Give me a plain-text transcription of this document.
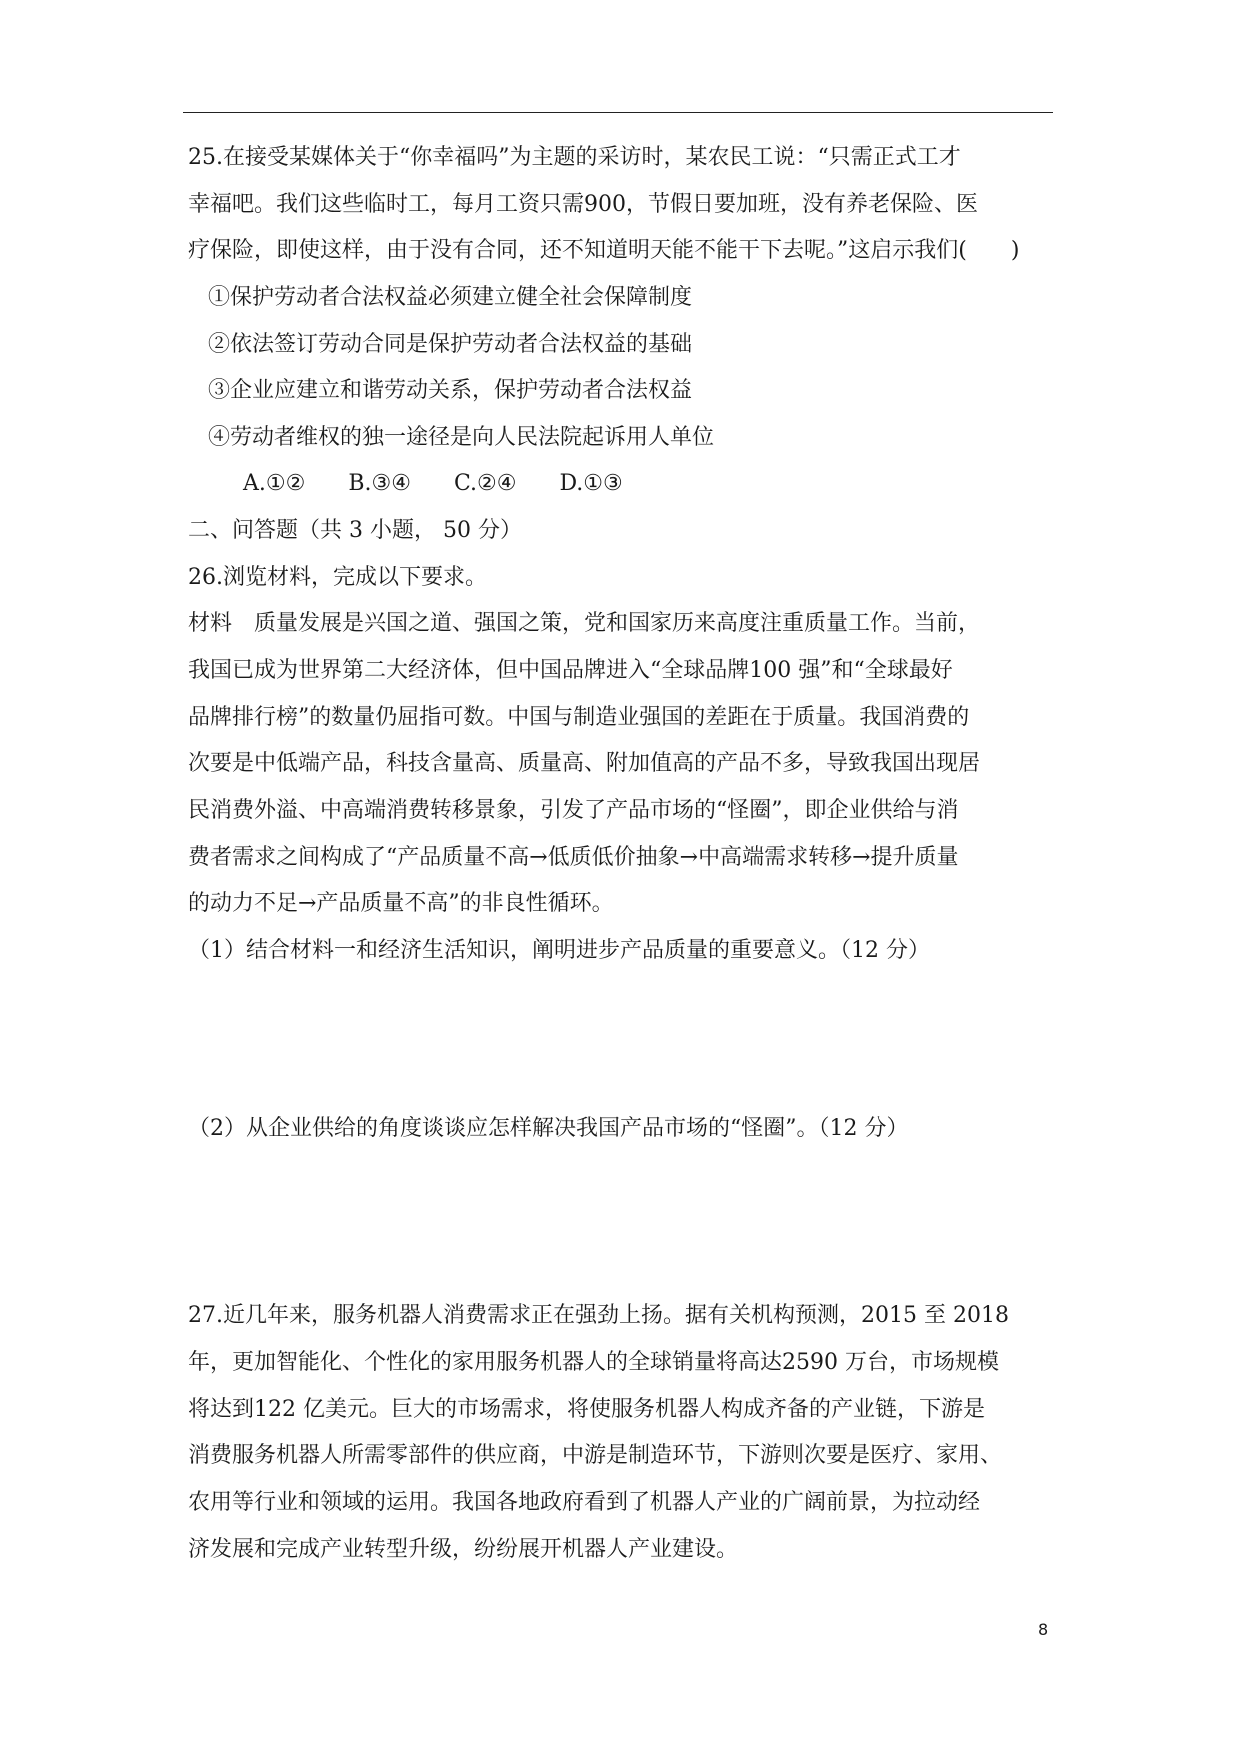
25.在接受某媒体关于“你幸福吗”为主题的采访时，某农民工说：“只需正式工才
幸福吧。我们这些临时工，每月工资只需900，节假日要加班，没有养老保险、医
疗保险，即使这样，由于没有合同，还不知道明天能不能干下去呢。”这启示我们(　　)
①保护劳动者合法权益必须建立健全社会保障制度
②依法签订劳动合同是保护劳动者合法权益的基础
③企业应建立和谐劳动关系，保护劳动者合法权益
④劳动者维权的独一途径是向人民法院起诉用人单位
A.①② B.③④ C.②④ D.①③
二、问答题（共 3 小题， 50 分）
26.浏览材料，完成以下要求。
材料　质量发展是兴国之道、强国之策，党和国家历来高度注重质量工作。当前，
我国已成为世界第二大经济体，但中国品牌进入“全球品牌100 强”和“全球最好
品牌排行榜”的数量仍屈指可数。中国与制造业强国的差距在于质量。我国消费的
次要是中低端产品，科技含量高、质量高、附加值高的产品不多，导致我国出现居
民消费外溢、中高端消费转移景象，引发了产品市场的“怪圈”，即企业供给与消
费者需求之间构成了“产品质量不高→低质低价抽象→中高端需求转移→提升质量
的动力不足→产品质量不高”的非良性循环。
（1）结合材料一和经济生活知识，阐明进步产品质量的重要意义。（12 分）
（2）从企业供给的角度谈谈应怎样解决我国产品市场的“怪圈”。（12 分）
27.近几年来，服务机器人消费需求正在强劲上扬。据有关机构预测，2015 至 2018
年，更加智能化、个性化的家用服务机器人的全球销量将高达2590 万台，市场规模
将达到122 亿美元。巨大的市场需求，将使服务机器人构成齐备的产业链，下游是
消费服务机器人所需零部件的供应商，中游是制造环节，下游则次要是医疗、家用、
农用等行业和领域的运用。我国各地政府看到了机器人产业的广阔前景，为拉动经
济发展和完成产业转型升级，纷纷展开机器人产业建设。
8
